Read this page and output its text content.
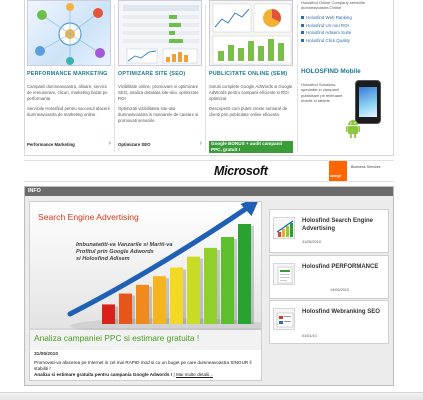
PERFORMANCE MARKETING

Campanii dumneavoastra, afisare, servicii de remunerare, clicuri, marketing bazat pe performanta

Serviciile Holosfind pentru succesul afacerii dumneavoastra de marketing online.

Performance Marketing	›
OPTIMIZARE SITE (SEO)

Vizibilitate online, promovare si optimizare SEO, analiza detaliata site-ului, optimizare ROI

Optimizati vizibilitatea site-ului dumneavoastra in motoarele de cautare si promovati serviciile.

Optimizare SEO	›
PUBLICITATE ONLINE (SEM)

Solutii complete Google AdWords si Google AdWords pentru campanii eficiente si ROI optimizat

Descoperiti cum puteti creste numarul de clienti prin publicitate online eficienta.

Google BONUS + audit campanii PPC, gratuit !
Holosfind Online Company serviciile dumneavoastra Online
Holosfind Web Ranking
Holosfind Un nou ROI
Holosfind Adisem Suite
Holosfind Click Quality
HOLOSFIND Mobile
Holosfind Solutions, specialist in campanii publicitare pe telefoane mobile si tablete
Microsoft	orange
Business Services
INFO
Imbunatatiti-va Vanzarile si Mariti-va
Profitul prin Google Adwords
si Holosfind Adisem
Search Engine Advertising
Analiza campaniei PPC si estimare gratuita !
31/05/2010
Promovati-va afacerea pe Internet in cel mai RAPID mod si cu un buget pe care dumneavoastra SINGUR il stabiliti !
Analiza si estimare gratuita pentru campania Google Adwords ! | Mai multe detalii...
Holosfind Search Engine Advertising
31/05/2010
Holosfind PERFORMANCE
14/05/2010
Holosfind Webranking SEO
01/01/10
